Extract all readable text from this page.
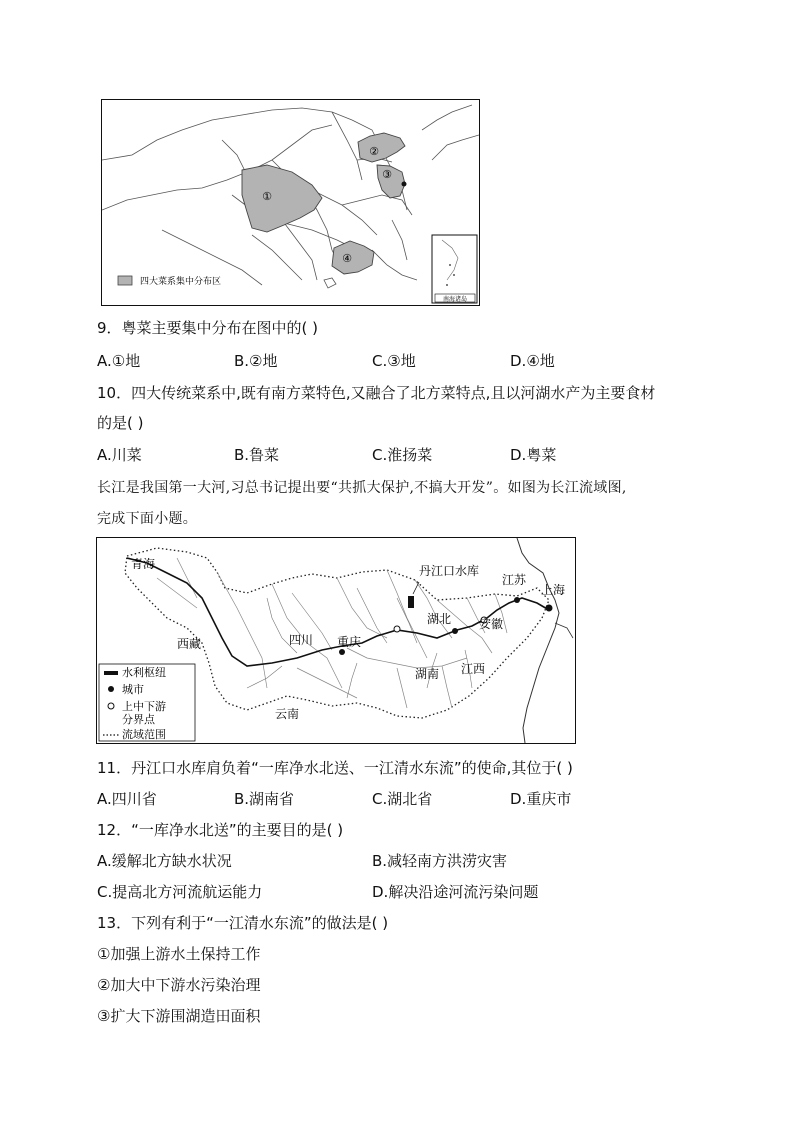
①
②
③
④
南海诸岛
四大菜系集中分布区
9．粤菜主要集中分布在图中的( )
A.①地	B.②地	C.③地	D.④地
10．四大传统菜系中,既有南方菜特色,又融合了北方菜特点,且以河湖水产为主要食材
的是( )
A.川菜	B.鲁菜	C.淮扬菜	D.粤菜
长江是我国第一大河,习总书记提出要“共抓大保护,不搞大开发”。如图为长江流域图,
完成下面小题。
青海
西藏	四川 重庆
云南
丹江口水库
湖北 安徽
江苏
上海
江西
湖南
水利枢纽
城市
上中下游
分界点
流域范围
11．丹江口水库肩负着“一库净水北送、一江清水东流”的使命,其位于( )
A.四川省	B.湖南省	C.湖北省	D.重庆市
12．“一库净水北送”的主要目的是( )
A.缓解北方缺水状况	B.减轻南方洪涝灾害
C.提高北方河流航运能力	D.解决沿途河流污染问题
13．下列有利于“一江清水东流”的做法是( )
①加强上游水土保持工作
②加大中下游水污染治理
③扩大下游围湖造田面积
